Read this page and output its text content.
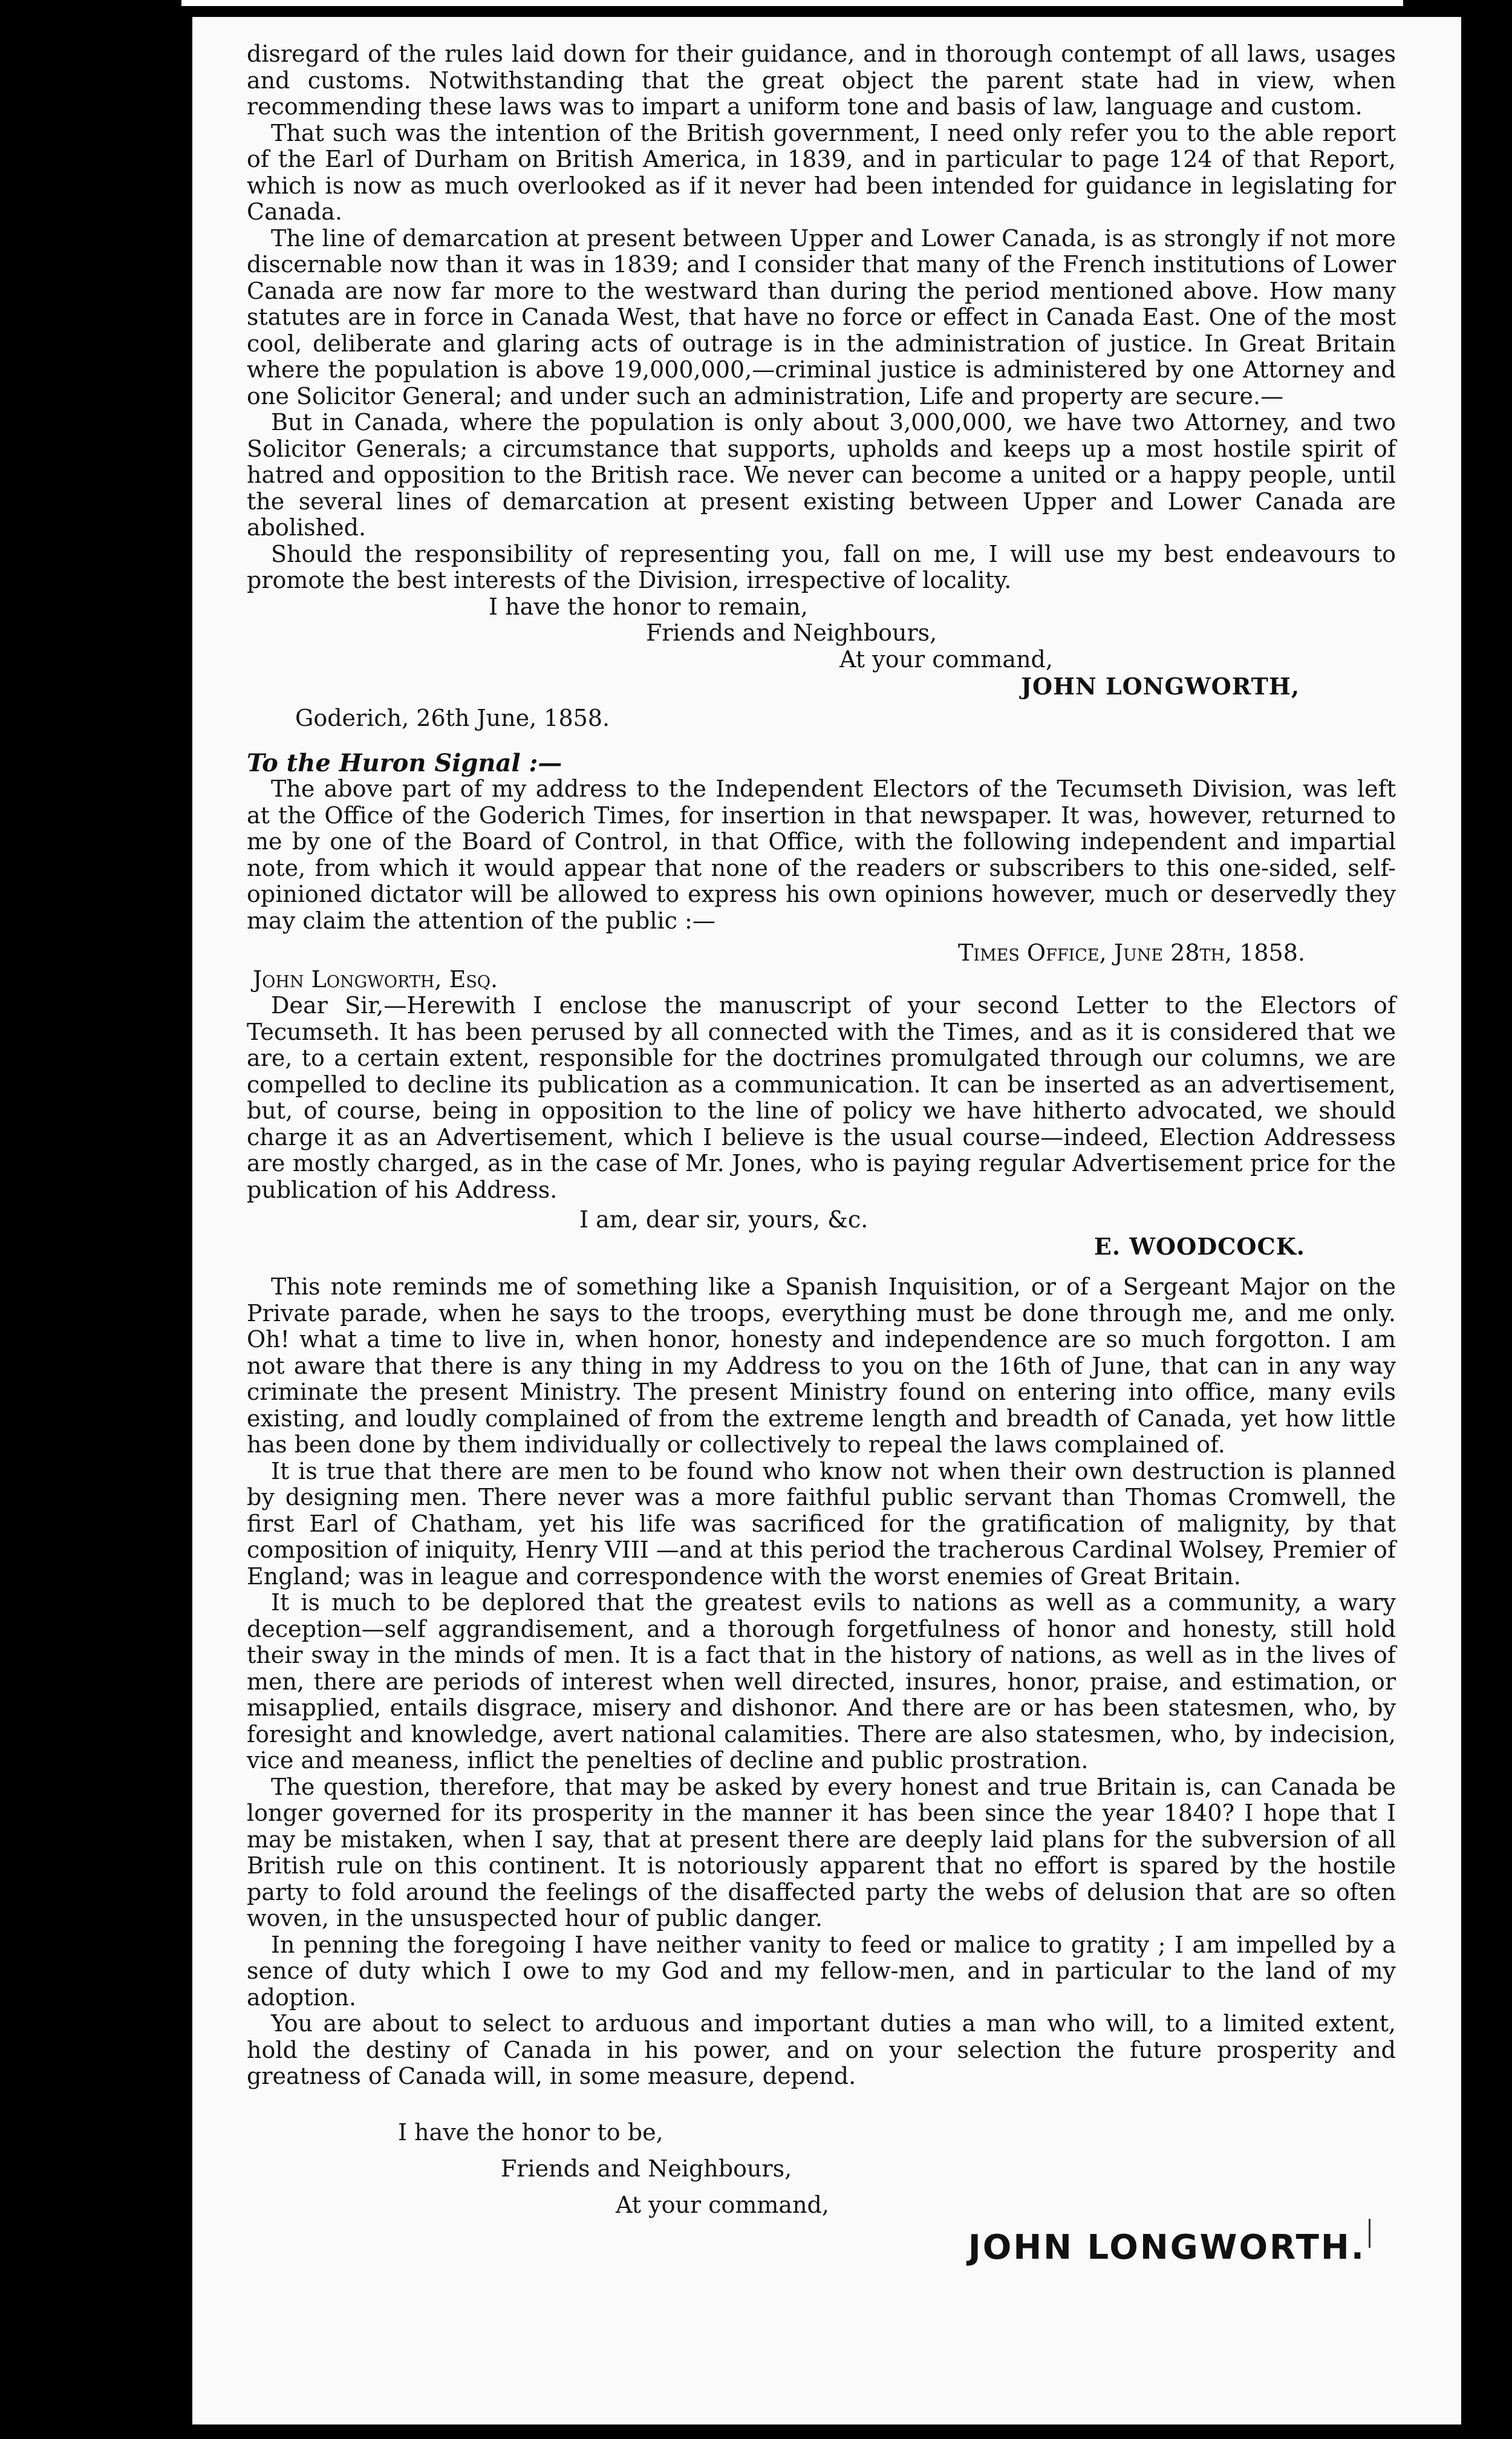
disregard of the rules laid down for their guidance, and in thorough contempt of all laws, usages and customs. Notwithstanding that the great object the parent state had in view, when recommending these laws was to impart a uniform tone and basis of law, language and custom.

That such was the intention of the British government, I need only refer you to the able report of the Earl of Durham on British America, in 1839, and in particular to page 124 of that Report, which is now as much overlooked as if it never had been intended for guidance in legislating for Canada.

The line of demarcation at present between Upper and Lower Canada, is as strongly if not more discernable now than it was in 1839; and I consider that many of the French institutions of Lower Canada are now far more to the westward than during the period mentioned above. How many statutes are in force in Canada West, that have no force or effect in Canada East. One of the most cool, deliberate and glaring acts of outrage is in the administration of justice. In Great Britain where the population is above 19,000,000,—criminal justice is administered by one Attorney and one Solicitor General; and under such an administration, Life and property are secure.—

But in Canada, where the population is only about 3,000,000, we have two Attorney, and two Solicitor Generals; a circumstance that supports, upholds and keeps up a most hostile spirit of hatred and opposition to the British race. We never can become a united or a happy people, until the several lines of demarcation at present existing between Upper and Lower Canada are abolished.

Should the responsibility of representing you, fall on me, I will use my best endeavours to promote the best interests of the Division, irrespective of locality.

I have the honor to remain,

Friends and Neighbours,

At your command,

JOHN LONGWORTH,

Goderich, 26th June, 1858.

To the Huron Signal :—

The above part of my address to the Independent Electors of the Tecumseth Division, was left at the Office of the Goderich Times, for insertion in that newspaper. It was, however, returned to me by one of the Board of Control, in that Office, with the following independent and impartial note, from which it would appear that none of the readers or subscribers to this one-sided, self-opinioned dictator will be allowed to express his own opinions however, much or deservedly they may claim the attention of the public :—

Times Office, June 28th, 1858.

John Longworth, Esq.

Dear Sir,—Herewith I enclose the manuscript of your second Letter to the Electors of Tecumseth. It has been perused by all connected with the Times, and as it is considered that we are, to a certain extent, responsible for the doctrines promulgated through our columns, we are compelled to decline its publication as a communication. It can be inserted as an advertisement, but, of course, being in opposition to the line of policy we have hitherto advocated, we should charge it as an Advertisement, which I believe is the usual course—indeed, Election Addressess are mostly charged, as in the case of Mr. Jones, who is paying regular Advertisement price for the publication of his Address.

I am, dear sir, yours, &c.

E. WOODCOCK.

This note reminds me of something like a Spanish Inquisition, or of a Sergeant Major on the Private parade, when he says to the troops, everything must be done through me, and me only. Oh! what a time to live in, when honor, honesty and independence are so much forgotton. I am not aware that there is any thing in my Address to you on the 16th of June, that can in any way criminate the present Ministry. The present Ministry found on entering into office, many evils existing, and loudly complained of from the extreme length and breadth of Canada, yet how little has been done by them individually or collectively to repeal the laws complained of.

It is true that there are men to be found who know not when their own destruction is planned by designing men. There never was a more faithful public servant than Thomas Cromwell, the first Earl of Chatham, yet his life was sacrificed for the gratification of malignity, by that composition of iniquity, Henry VIII —and at this period the tracherous Cardinal Wolsey, Premier of England; was in league and correspondence with the worst enemies of Great Britain.

It is much to be deplored that the greatest evils to nations as well as a community, a wary deception—self aggrandisement, and a thorough forgetfulness of honor and honesty, still hold their sway in the minds of men. It is a fact that in the history of nations, as well as in the lives of men, there are periods of interest when well directed, insures, honor, praise, and estimation, or misapplied, entails disgrace, misery and dishonor. And there are or has been statesmen, who, by foresight and knowledge, avert national calamities. There are also statesmen, who, by indecision, vice and meaness, inflict the penelties of decline and public prostration.

The question, therefore, that may be asked by every honest and true Britain is, can Canada be longer governed for its prosperity in the manner it has been since the year 1840? I hope that I may be mistaken, when I say, that at present there are deeply laid plans for the subversion of all British rule on this continent. It is notoriously apparent that no effort is spared by the hostile party to fold around the feelings of the disaffected party the webs of delusion that are so often woven, in the unsuspected hour of public danger.

In penning the foregoing I have neither vanity to feed or malice to gratity ; I am impelled by a sence of duty which I owe to my God and my fellow-men, and in particular to the land of my adoption.

You are about to select to arduous and important duties a man who will, to a limited extent, hold the destiny of Canada in his power, and on your selection the future prosperity and greatness of Canada will, in some measure, depend.

I have the honor to be,

Friends and Neighbours,

At your command,

JOHN LONGWORTH.
